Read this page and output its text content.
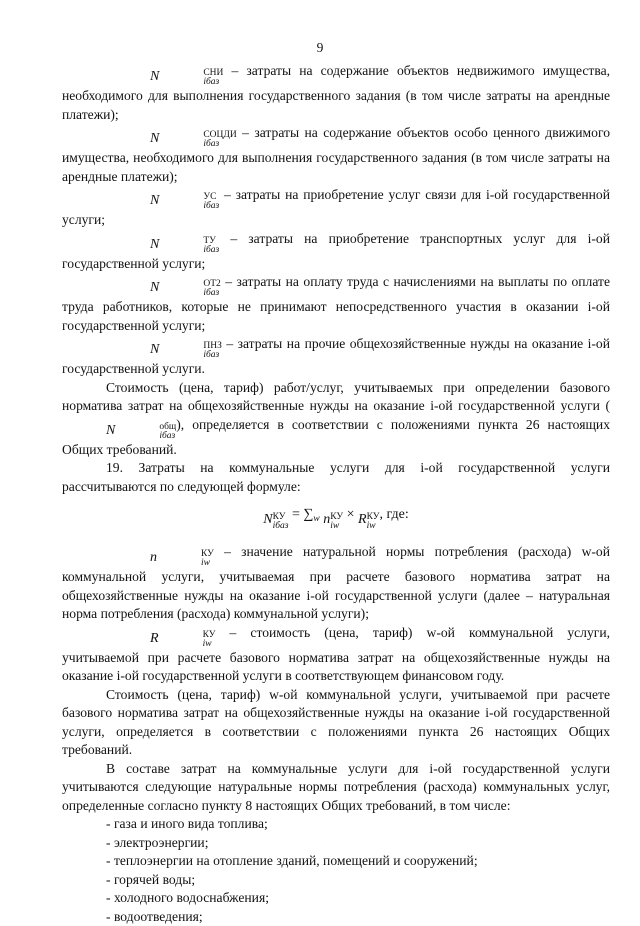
9

N	СНИ
iбаз
– затраты на содержание объектов недвижимого имущества, необходимого для выполнения государственного задания (в том числе затраты на арендные платежи);

N	СОЦДИ
iбаз
– затраты на содержание объектов особо ценного движимого имущества, необходимого для выполнения государственного задания (в том числе затраты на арендные платежи);

N	УС
iбаз
– затраты на приобретение услуг связи для i-ой государственной услуги;

N	ТУ
iбаз
– затраты на приобретение транспортных услуг для i-ой государственной услуги;

N	ОТ2
iбаз
– затраты на оплату труда с начислениями на выплаты по оплате труда работников, которые не принимают непосредственного участия в оказании i-ой государственной услуги;

N	ПНЗ
iбаз
– затраты на прочие общехозяйственные нужды на оказание i-ой государственной услуги.

Стоимость (цена, тариф) работ/услуг, учитываемых при определении базового норматива затрат на общехозяйственные нужды на оказание i-ой государственной услуги (N	общ
iбаз
), определяется в соответствии с положениями пункта 26 настоящих Общих требований.

19. Затраты на коммунальные услуги для i-ой государственной услуги рассчитываются по следующей формуле:

N КУ
iбаз
= $\sum_w$ n КУ
iw
× R КУ
iw
, где:

n	КУ
iw
– значение натуральной нормы потребления (расхода) w-ой коммунальной услуги, учитываемая при расчете базового норматива затрат на общехозяйственные нужды на оказание i-ой государственной услуги (далее – натуральная норма потребления (расхода) коммунальной услуги);

R	КУ
iw
– стоимость (цена, тариф) w-ой коммунальной услуги, учитываемой при расчете базового норматива затрат на общехозяйственные нужды на оказание i-ой государственной услуги в соответствующем финансовом году.

Стоимость (цена, тариф) w-ой коммунальной услуги, учитываемой при расчете базового норматива затрат на общехозяйственные нужды на оказание i-ой государственной услуги, определяется в соответствии с положениями пункта 26 настоящих Общих требований.

В составе затрат на коммунальные услуги для i-ой государственной услуги учитываются следующие натуральные нормы потребления (расхода) коммунальных услуг, определенные согласно пункту 8 настоящих Общих требований, в том числе:

- газа и иного вида топлива;
- электроэнергии;
- теплоэнергии на отопление зданий, помещений и сооружений;
- горячей воды;
- холодного водоснабжения;
- водоотведения;
